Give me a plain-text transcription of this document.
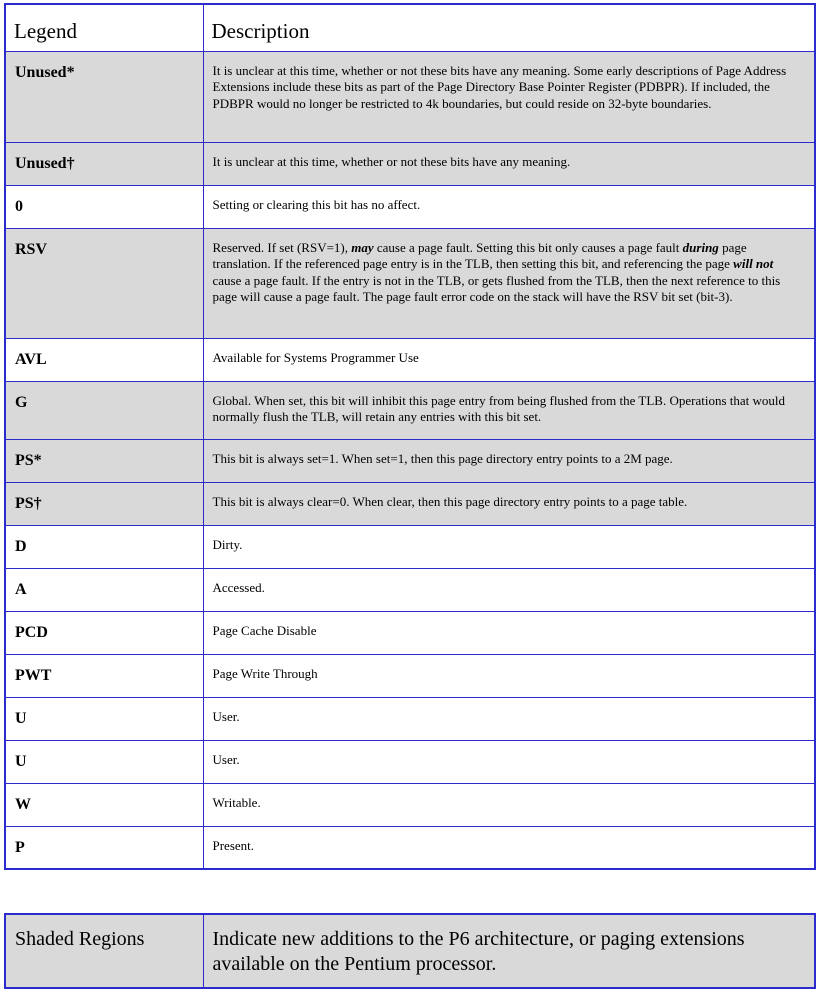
Legend	Description
Unused*	It is unclear at this time, whether or not these bits have any meaning. Some early descriptions of Page Address Extensions include these bits as part of the Page Directory Base Pointer Register (PDBPR). If included, the PDBPR would no longer be restricted to 4k boundaries, but could reside on 32-byte boundaries.
Unused†	It is unclear at this time, whether or not these bits have any meaning.
0	Setting or clearing this bit has no affect.
RSV	Reserved. If set (RSV=1), may cause a page fault. Setting this bit only causes a page fault during page translation. If the referenced page entry is in the TLB, then setting this bit, and referencing the page will not cause a page fault. If the entry is not in the TLB, or gets flushed from the TLB, then the next reference to this page will cause a page fault. The page fault error code on the stack will have the RSV bit set (bit-3).
AVL	Available for Systems Programmer Use
G	Global. When set, this bit will inhibit this page entry from being flushed from the TLB. Operations that would normally flush the TLB, will retain any entries with this bit set.
PS*	This bit is always set=1. When set=1, then this page directory entry points to a 2M page.
PS†	This bit is always clear=0. When clear, then this page directory entry points to a page table.
D	Dirty.
A	Accessed.
PCD	Page Cache Disable
PWT	Page Write Through
U	User.
U	User.
W	Writable.
P	Present.
Shaded Regions	Indicate new additions to the P6 architecture, or paging extensions available on the Pentium processor.
